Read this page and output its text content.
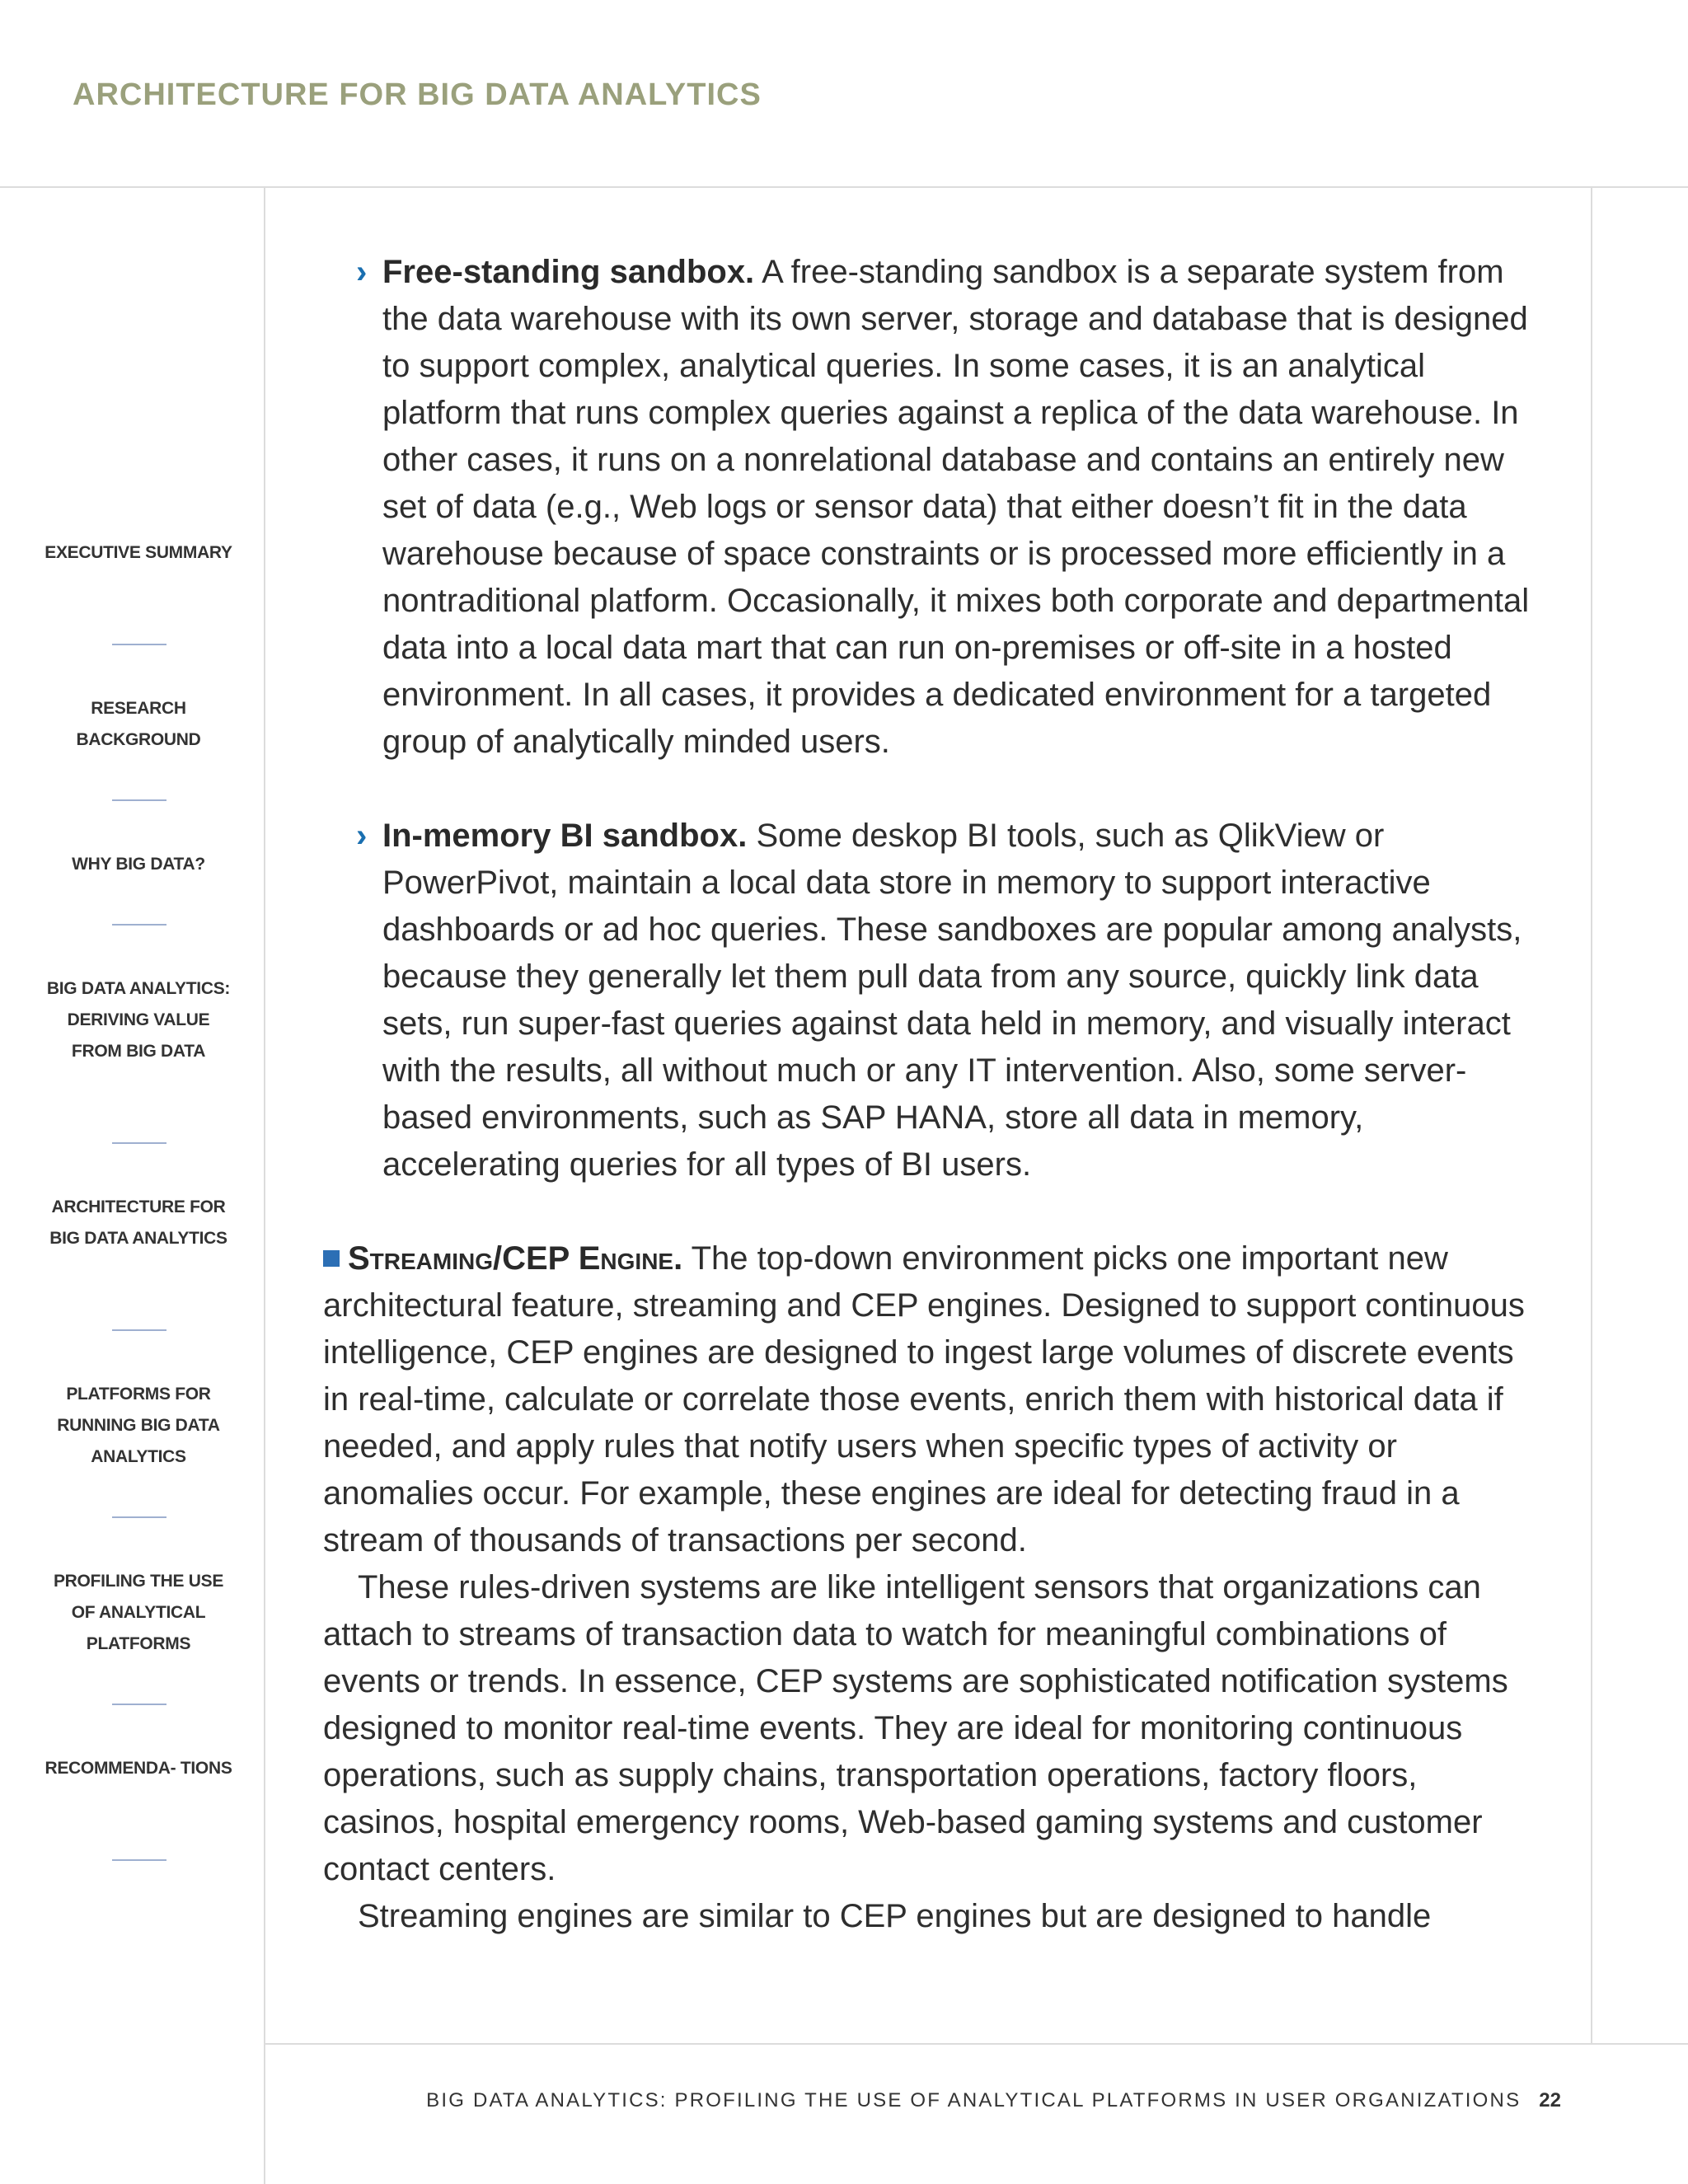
ARCHITECTURE FOR BIG DATA ANALYTICS
EXECUTIVE SUMMARY
RESEARCH BACKGROUND
WHY BIG DATA?
BIG DATA ANALYTICS: DERIVING VALUE FROM BIG DATA
ARCHITECTURE FOR BIG DATA ANALYTICS
PLATFORMS FOR RUNNING BIG DATA ANALYTICS
PROFILING THE USE OF ANALYTICAL PLATFORMS
RECOMMENDA- TIONS
› Free-standing sandbox. A free-standing sandbox is a separate system from the data warehouse with its own server, storage and database that is designed to support complex, analytical queries. In some cases, it is an analytical platform that runs complex queries against a replica of the data warehouse. In other cases, it runs on a nonrelational database and contains an entirely new set of data (e.g., Web logs or sensor data) that either doesn’t fit in the data warehouse because of space constraints or is processed more efficiently in a nontraditional platform. Occasionally, it mixes both corporate and departmental data into a local data mart that can run on-premises or off-site in a hosted environment. In all cases, it provides a dedicated environment for a targeted group of analytically minded users.
› In-memory BI sandbox. Some deskop BI tools, such as QlikView or PowerPivot, maintain a local data store in memory to support interactive dashboards or ad hoc queries. These sandboxes are popular among analysts, because they generally let them pull data from any source, quickly link data sets, run super-fast queries against data held in memory, and visually interact with the results, all without much or any IT intervention. Also, some server-based environments, such as SAP HANA, store all data in memory, accelerating queries for all types of BI users.

Streaming/CEP Engine. The top-down environment picks one important new architectural feature, streaming and CEP engines. Designed to support continuous intelligence, CEP engines are designed to ingest large volumes of discrete events in real-time, calculate or correlate those events, enrich them with historical data if needed, and apply rules that notify users when specific types of activity or anomalies occur. For example, these engines are ideal for detecting fraud in a stream of thousands of transactions per second.

These rules-driven systems are like intelligent sensors that organizations can attach to streams of transaction data to watch for meaningful combinations of events or trends. In essence, CEP systems are sophisticated notification systems designed to monitor real-time events. They are ideal for monitoring continuous operations, such as supply chains, transportation operations, factory floors, casinos, hospital emergency rooms, Web-based gaming systems and customer contact centers.

Streaming engines are similar to CEP engines but are designed to handle

BIG DATA ANALYTICS: PROFILING THE USE OF ANALYTICAL PLATFORMS IN USER ORGANIZATIONS 22
